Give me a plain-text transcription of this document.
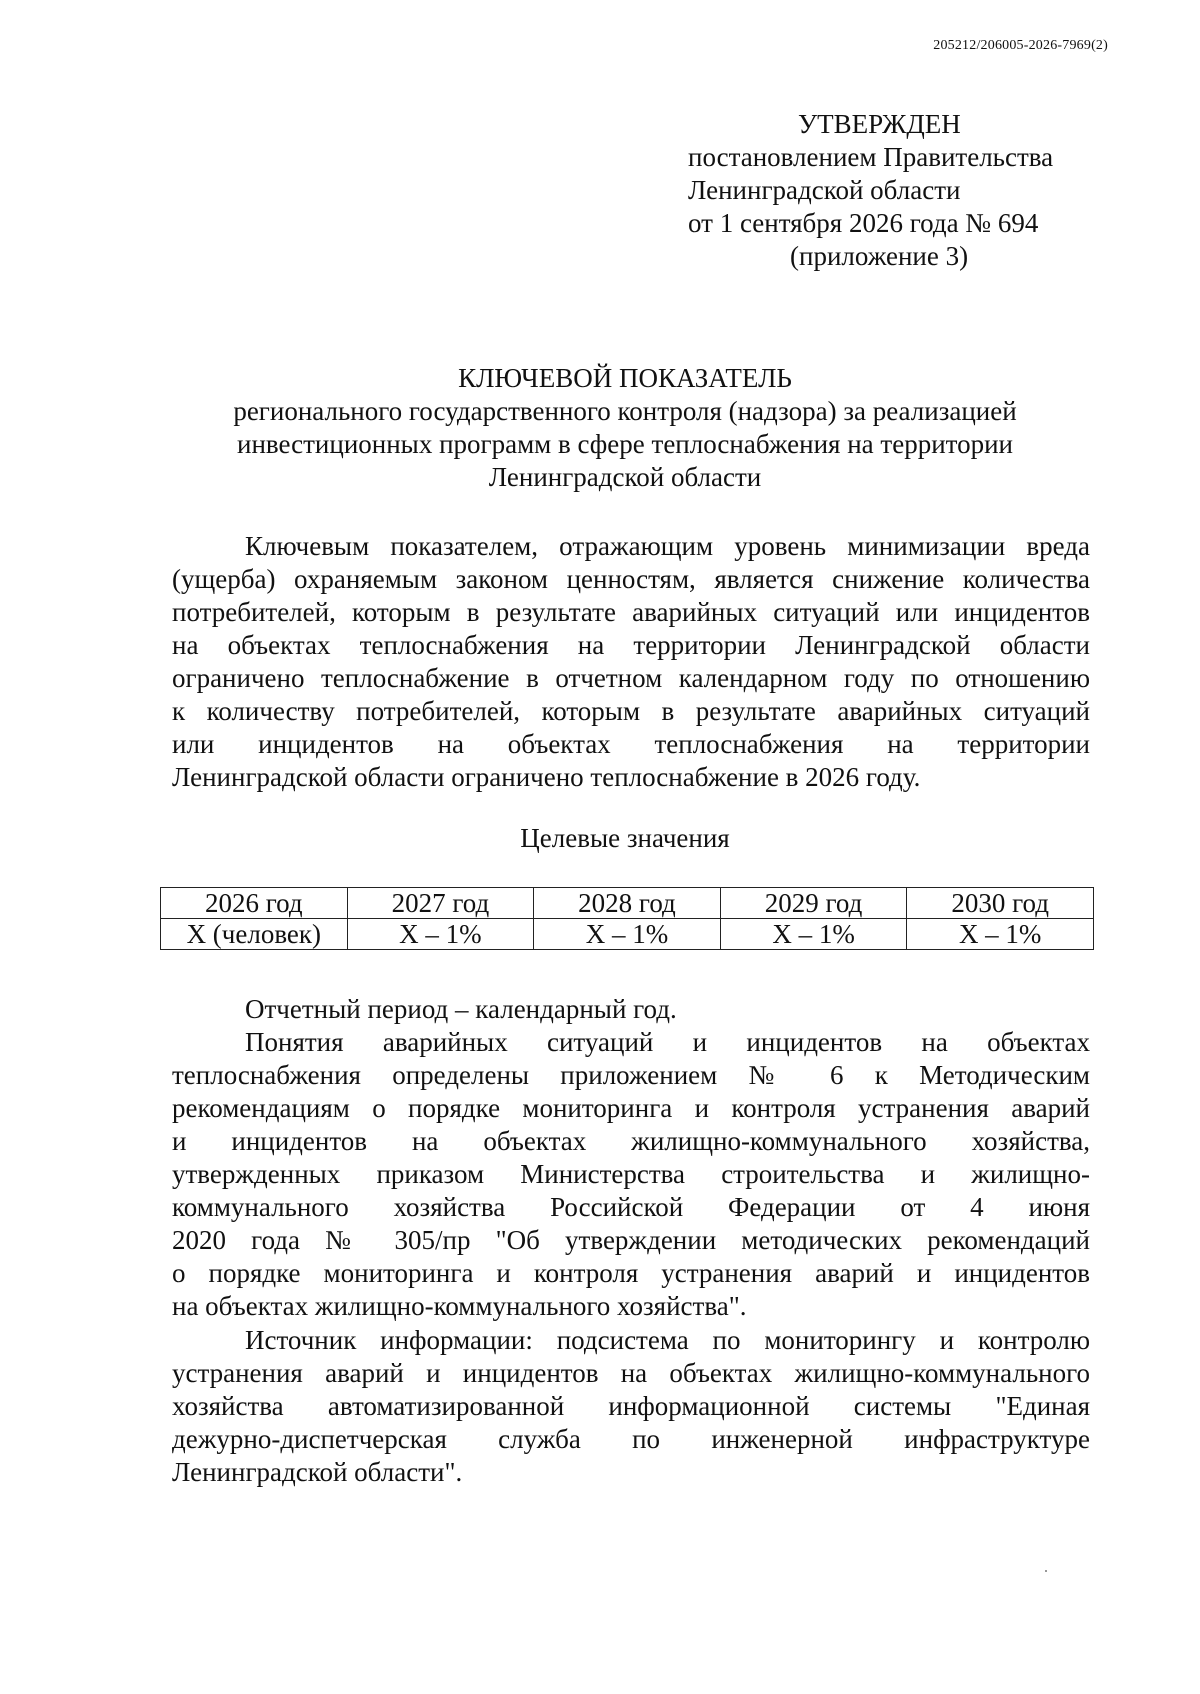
205212/206005-2026-7969(2)
УТВЕРЖДЕН
постановлением Правительства
Ленинградской области
от 1 сентября 2026 года № 694
(приложение 3)
КЛЮЧЕВОЙ ПОКАЗАТЕЛЬ
регионального государственного контроля (надзора) за реализацией
инвестиционных программ в сфере теплоснабжения на территории
Ленинградской области
Ключевым показателем, отражающим уровень минимизации вреда
(ущерба) охраняемым законом ценностям, является снижение количества
потребителей, которым в результате аварийных ситуаций или инцидентов
на объектах теплоснабжения на территории Ленинградской области
ограничено теплоснабжение в отчетном календарном году по отношению
к количеству потребителей, которым в результате аварийных ситуаций
или инцидентов на объектах теплоснабжения на территории
Ленинградской области ограничено теплоснабжение в 2026 году.
Целевые значения
2026 год	2027 год	2028 год	2029 год	2030 год
X (человек)	X – 1%	X – 1%	X – 1%	X – 1%
Отчетный период – календарный год.
Понятия аварийных ситуаций и инцидентов на объектах
теплоснабжения определены приложением № 6 к Методическим
рекомендациям о порядке мониторинга и контроля устранения аварий
и инцидентов на объектах жилищно-коммунального хозяйства,
утвержденных приказом Министерства строительства и жилищно-
коммунального хозяйства Российской Федерации от 4 июня
2020 года № 305/пр "Об утверждении методических рекомендаций
о порядке мониторинга и контроля устранения аварий и инцидентов
на объектах жилищно-коммунального хозяйства".
Источник информации: подсистема по мониторингу и контролю
устранения аварий и инцидентов на объектах жилищно-коммунального
хозяйства автоматизированной информационной системы "Единая
дежурно-диспетчерская служба по инженерной инфраструктуре
Ленинградской области".
